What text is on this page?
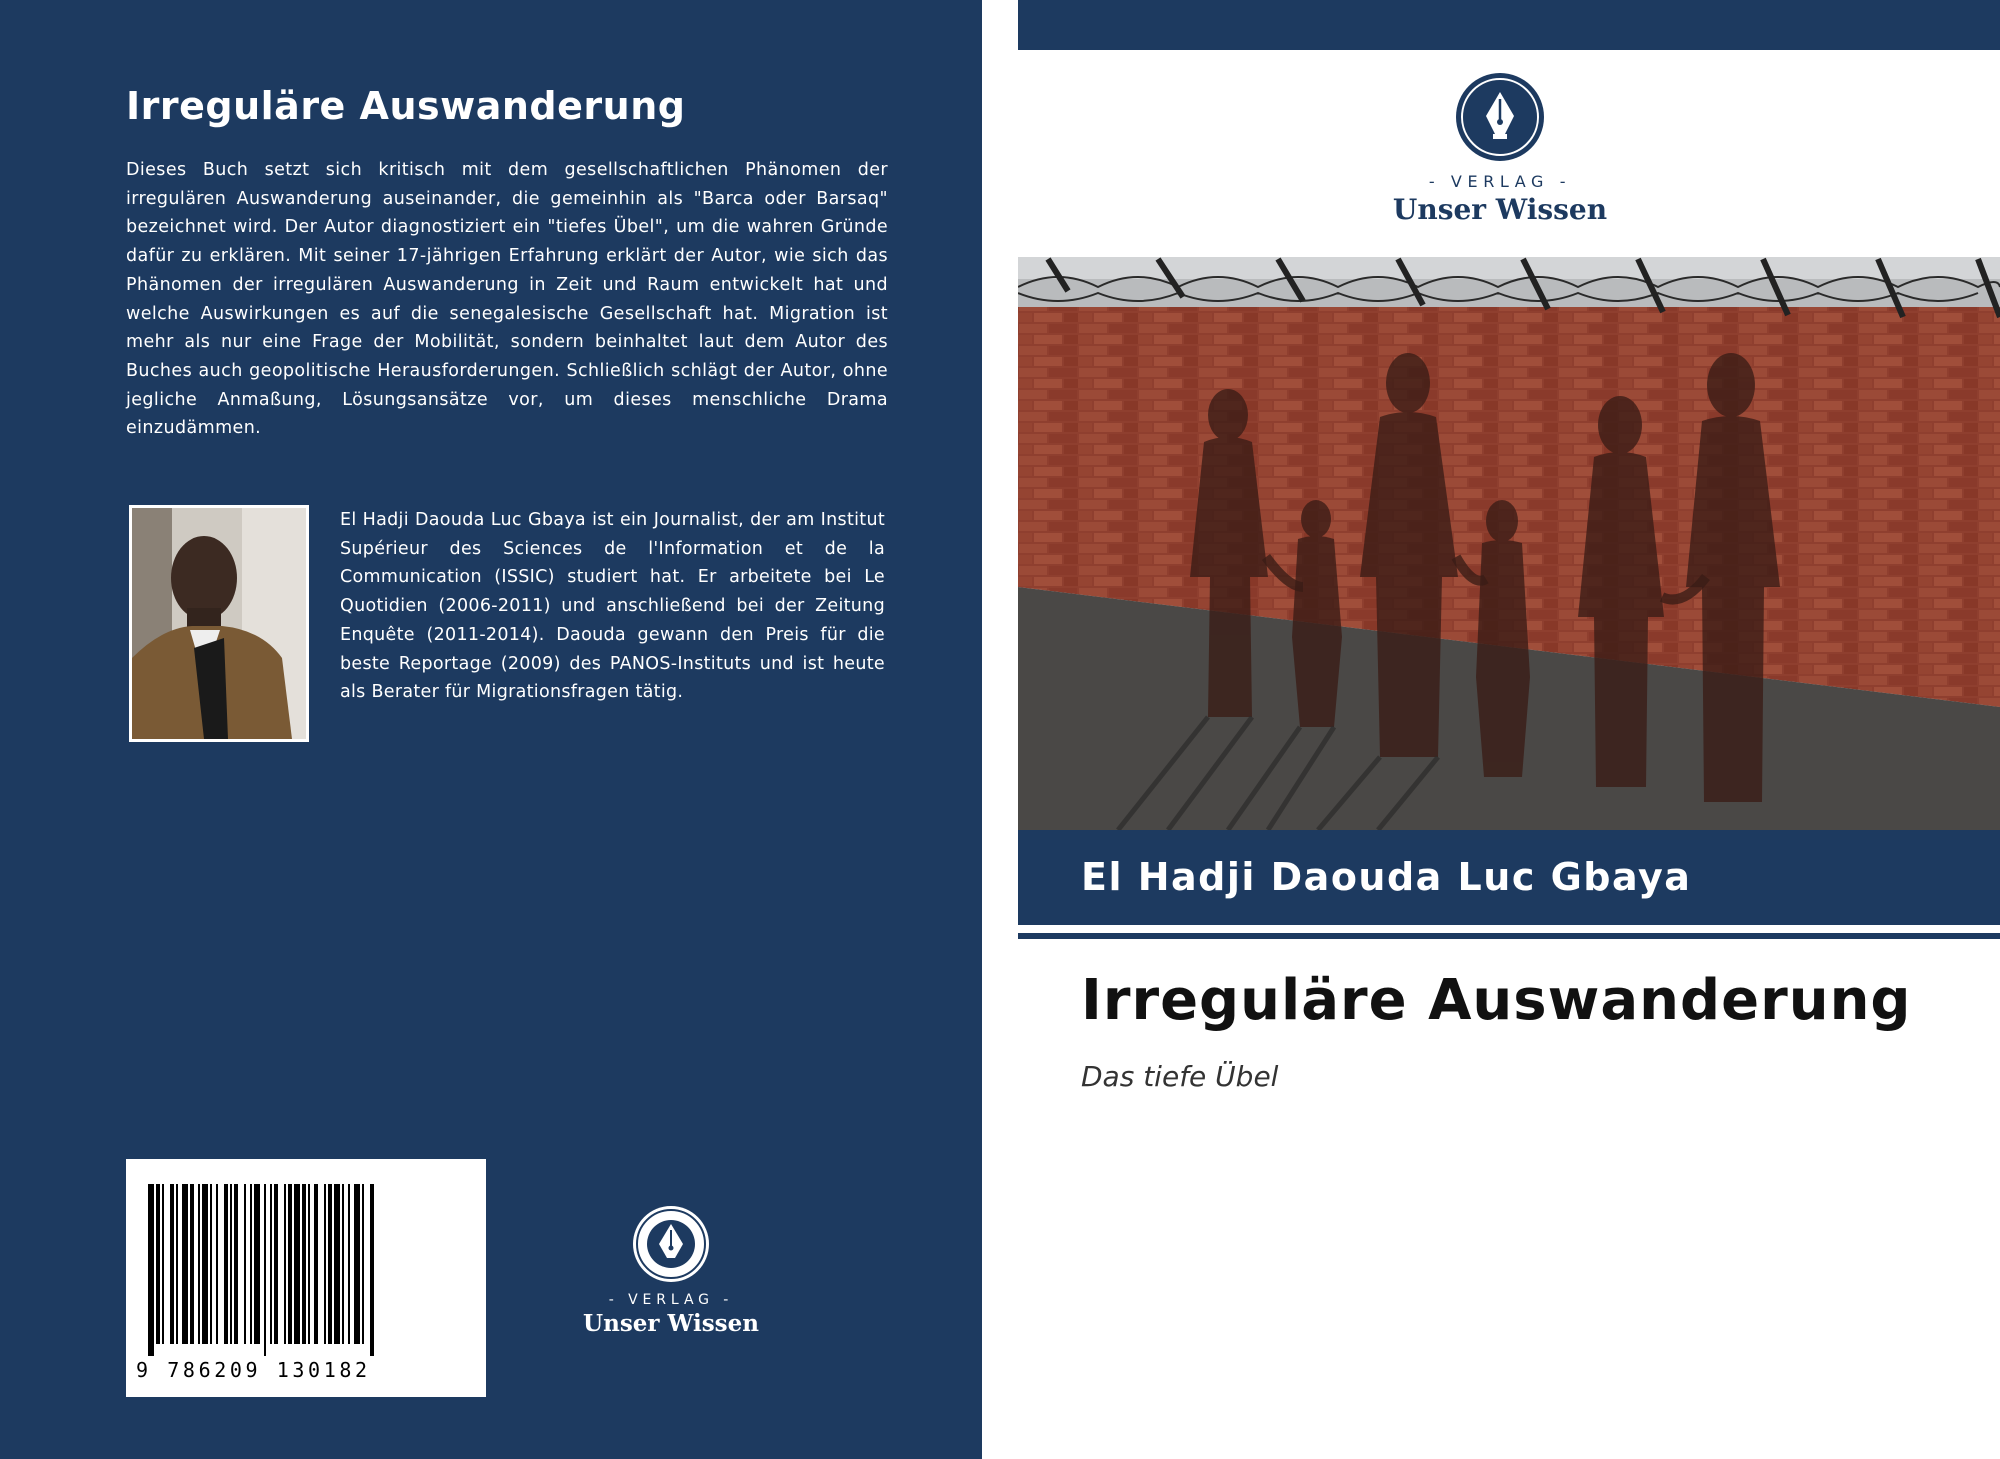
Irreguläre Auswanderung

Dieses Buch setzt sich kritisch mit dem gesellschaftlichen Phänomen der irregulären Auswanderung auseinander, die gemeinhin als "Barca oder Barsaq" bezeichnet wird. Der Autor diagnostiziert ein "tiefes Übel", um die wahren Gründe dafür zu erklären. Mit seiner 17-jährigen Erfahrung erklärt der Autor, wie sich das Phänomen der irregulären Auswanderung in Zeit und Raum entwickelt hat und welche Auswirkungen es auf die senegalesische Gesellschaft hat. Migration ist mehr als nur eine Frage der Mobilität, sondern beinhaltet laut dem Autor des Buches auch geopolitische Herausforderungen. Schließlich schlägt der Autor, ohne jegliche Anmaßung, Lösungsansätze vor, um dieses menschliche Drama einzudämmen.

El Hadji Daouda Luc Gbaya ist ein Journalist, der am Institut Supérieur des Sciences de l'Information et de la Communication (ISSIC) studiert hat. Er arbeitete bei Le Quotidien (2006-2011) und anschließend bei der Zeitung Enquête (2011-2014). Daouda gewann den Preis für die beste Reportage (2009) des PANOS-Instituts und ist heute als Berater für Migrationsfragen tätig.

9 786209 130182

- VERLAG -
Unser Wissen
- VERLAG -
Unser Wissen
El Hadji Daouda Luc Gbaya
Irreguläre Auswanderung

Das tiefe Übel
